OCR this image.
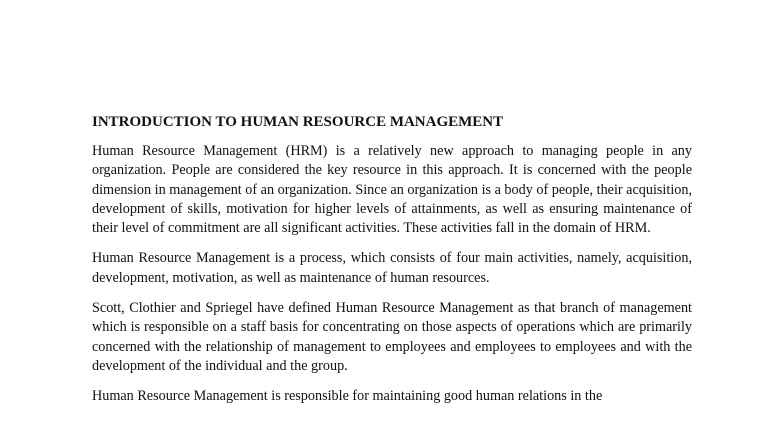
INTRODUCTION TO HUMAN RESOURCE MANAGEMENT

Human Resource Management (HRM) is a relatively new approach to managing people in any organization. People are considered the key resource in this approach. It is concerned with the people dimension in management of an organization. Since an organization is a body of people, their acquisition, development of skills, motivation for higher levels of attainments, as well as ensuring maintenance of their level of commitment are all significant activities. These activities fall in the domain of HRM.

Human Resource Management is a process, which consists of four main activities, namely, acquisition, development, motivation, as well as maintenance of human resources.

Scott, Clothier and Spriegel have defined Human Resource Management as that branch of management which is responsible on a staff basis for concentrating on those aspects of operations which are primarily concerned with the relationship of management to employees and employees to employees and with the development of the individual and the group.

Human Resource Management is responsible for maintaining good human relations in the
